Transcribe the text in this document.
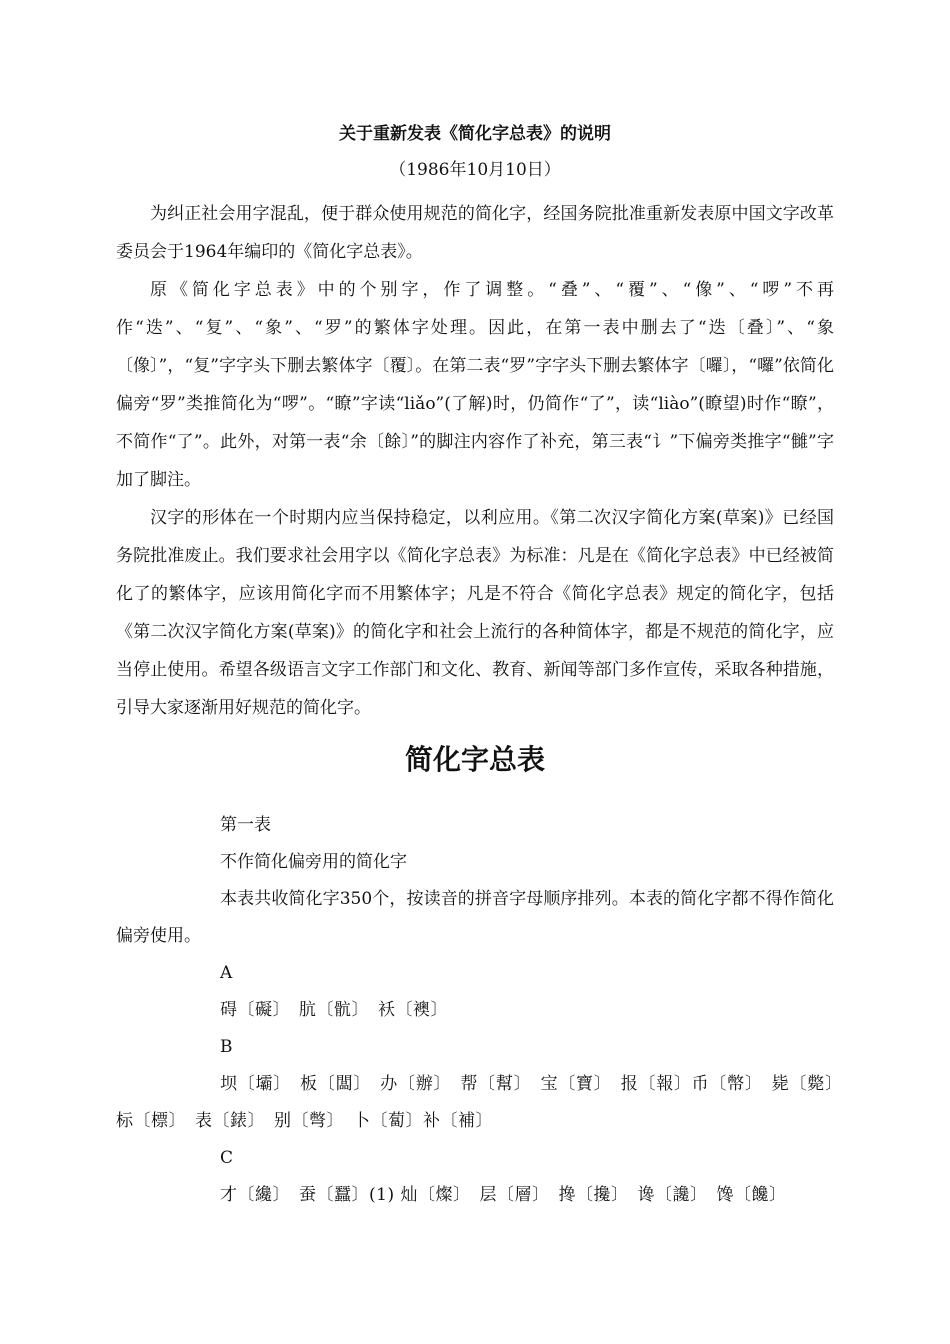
关于重新发表《简化字总表》的说明
（1986年10月10日）

为纠正社会用字混乱，便于群众使用规范的简化字，经国务院批准重新发表原中国文字改革委员会于1964年编印的《简化字总表》。

原《简化字总表》中的个别字，作了调整。“叠”、“覆”、“像”、“啰”不再作“迭”、“复”、“象”、“罗”的繁体字处理。因此，在第一表中删去了“迭〔叠〕”、“象〔像〕”，“复”字字头下删去繁体字〔覆〕。在第二表“罗”字字头下删去繁体字〔囉〕，“囉”依简化偏旁“罗”类推简化为“啰”。“瞭”字读“liǎo”(了解)时，仍简作“了”，读“liào”(瞭望)时作“瞭”，不简作“了”。此外，对第一表“余〔餘〕”的脚注内容作了补充，第三表“讠”下偏旁类推字“雠”字加了脚注。

汉字的形体在一个时期内应当保持稳定，以利应用。《第二次汉字简化方案(草案)》已经国务院批准废止。我们要求社会用字以《简化字总表》为标准：凡是在《简化字总表》中已经被简化了的繁体字，应该用简化字而不用繁体字；凡是不符合《简化字总表》规定的简化字，包括《第二次汉字简化方案(草案)》的简化字和社会上流行的各种简体字，都是不规范的简化字，应当停止使用。希望各级语言文字工作部门和文化、教育、新闻等部门多作宣传，采取各种措施，引导大家逐渐用好规范的简化字。

简化字总表

第一表

不作简化偏旁用的简化字

本表共收简化字350个，按读音的拼音字母顺序排列。本表的简化字都不得作简化偏旁使用。

A

碍〔礙〕　肮〔骯〕　袄〔襖〕

B

坝〔壩〕　板〔闆〕　办〔辦〕　帮〔幫〕　宝〔寶〕　报〔報〕币〔幣〕　毙〔斃〕　标〔標〕　表〔錶〕　别〔彆〕　卜〔蔔〕补〔補〕

C

才〔纔〕　蚕〔蠶〕(1) 灿〔燦〕　层〔層〕　搀〔攙〕　谗〔讒〕　馋〔饞〕
